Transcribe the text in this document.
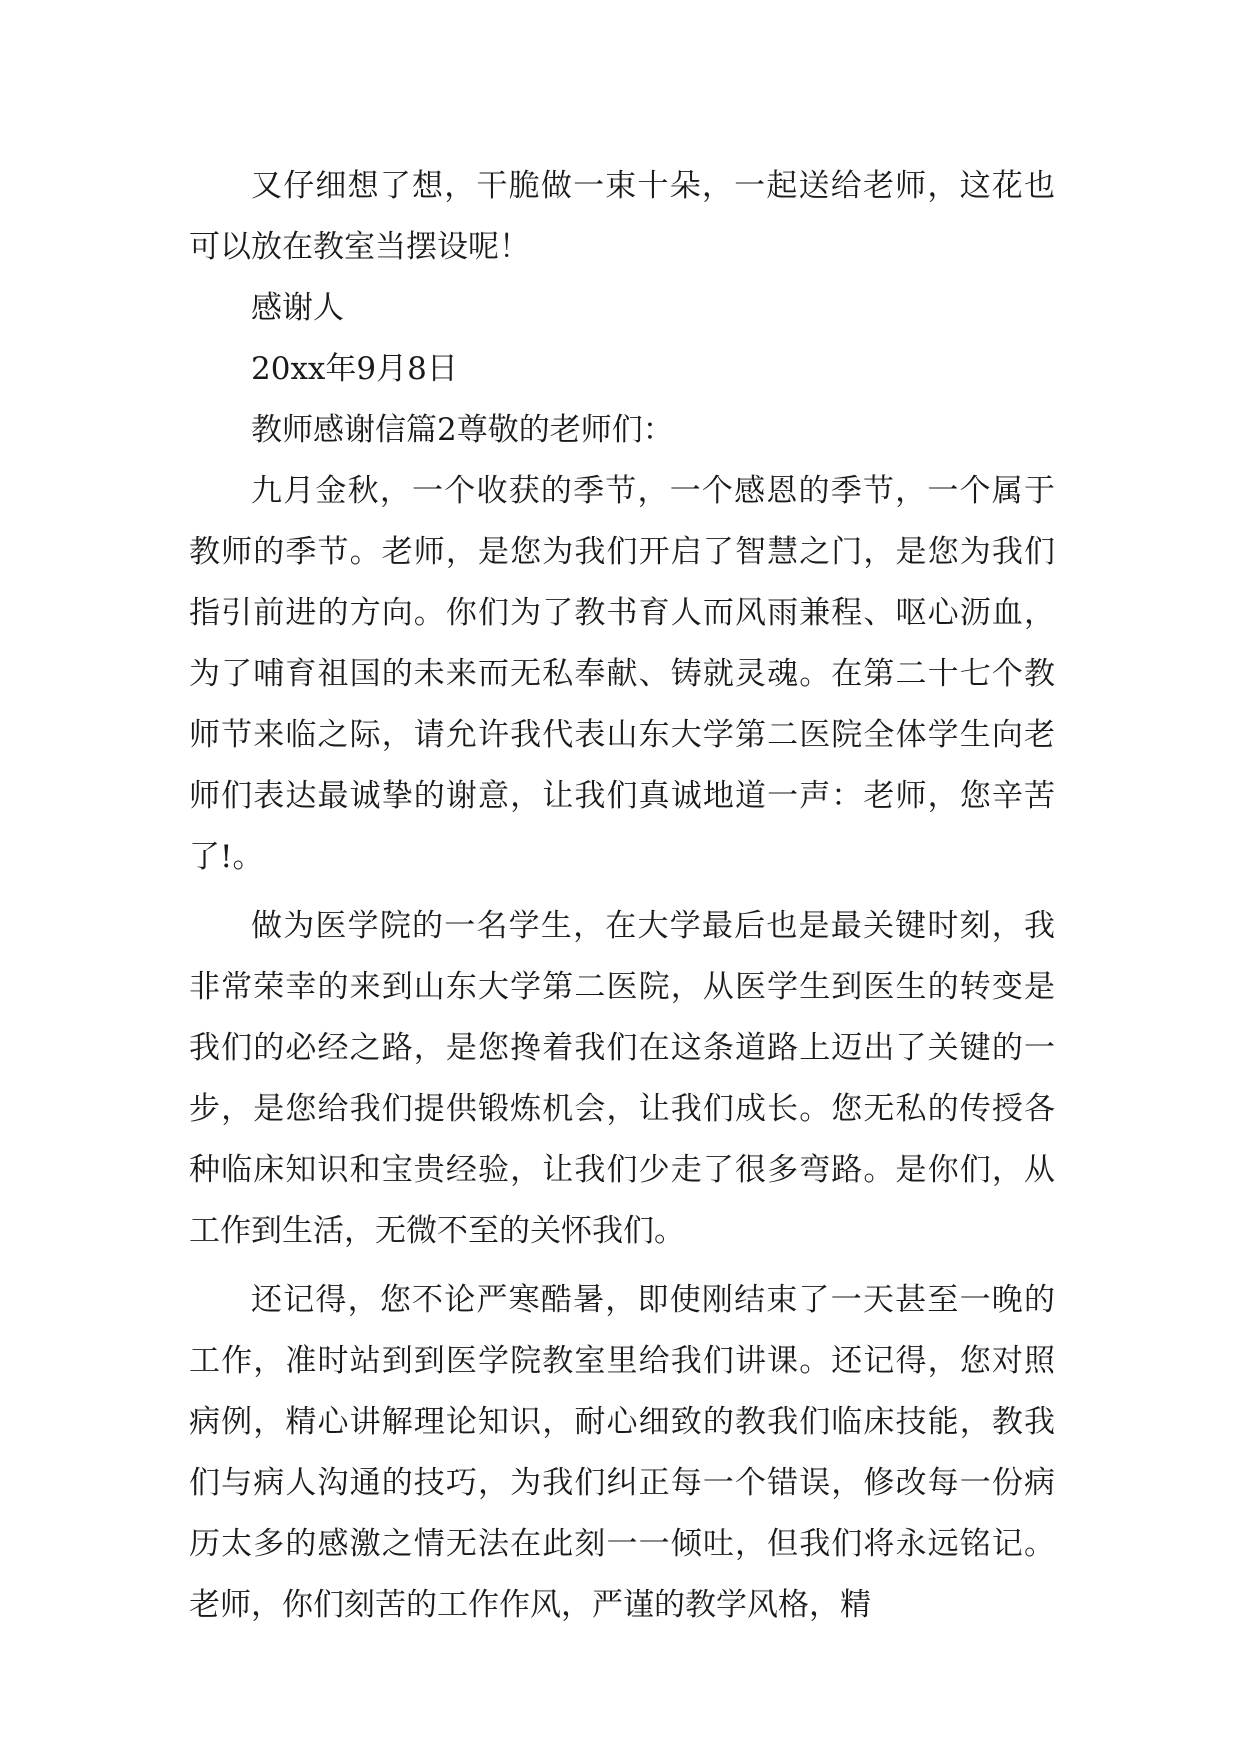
又仔细想了想，干脆做一束十朵，一起送给老师，这花也可以放在教室当摆设呢！

感谢人

20xx年9月8日

教师感谢信篇2尊敬的老师们：

九月金秋，一个收获的季节，一个感恩的季节，一个属于教师的季节。老师，是您为我们开启了智慧之门，是您为我们指引前进的方向。你们为了教书育人而风雨兼程、呕心沥血，为了哺育祖国的未来而无私奉献、铸就灵魂。在第二十七个教师节来临之际，请允许我代表山东大学第二医院全体学生向老师们表达最诚挚的谢意，让我们真诚地道一声：老师，您辛苦了!。

做为医学院的一名学生，在大学最后也是最关键时刻，我非常荣幸的来到山东大学第二医院，从医学生到医生的转变是我们的必经之路，是您搀着我们在这条道路上迈出了关键的一步，是您给我们提供锻炼机会，让我们成长。您无私的传授各种临床知识和宝贵经验，让我们少走了很多弯路。是你们，从工作到生活，无微不至的关怀我们。

还记得，您不论严寒酷暑，即使刚结束了一天甚至一晚的工作，准时站到到医学院教室里给我们讲课。还记得，您对照病例，精心讲解理论知识，耐心细致的教我们临床技能，教我们与病人沟通的技巧，为我们纠正每一个错误，修改每一份病历太多的感激之情无法在此刻一一倾吐，但我们将永远铭记。老师，你们刻苦的工作作风，严谨的教学风格，精
